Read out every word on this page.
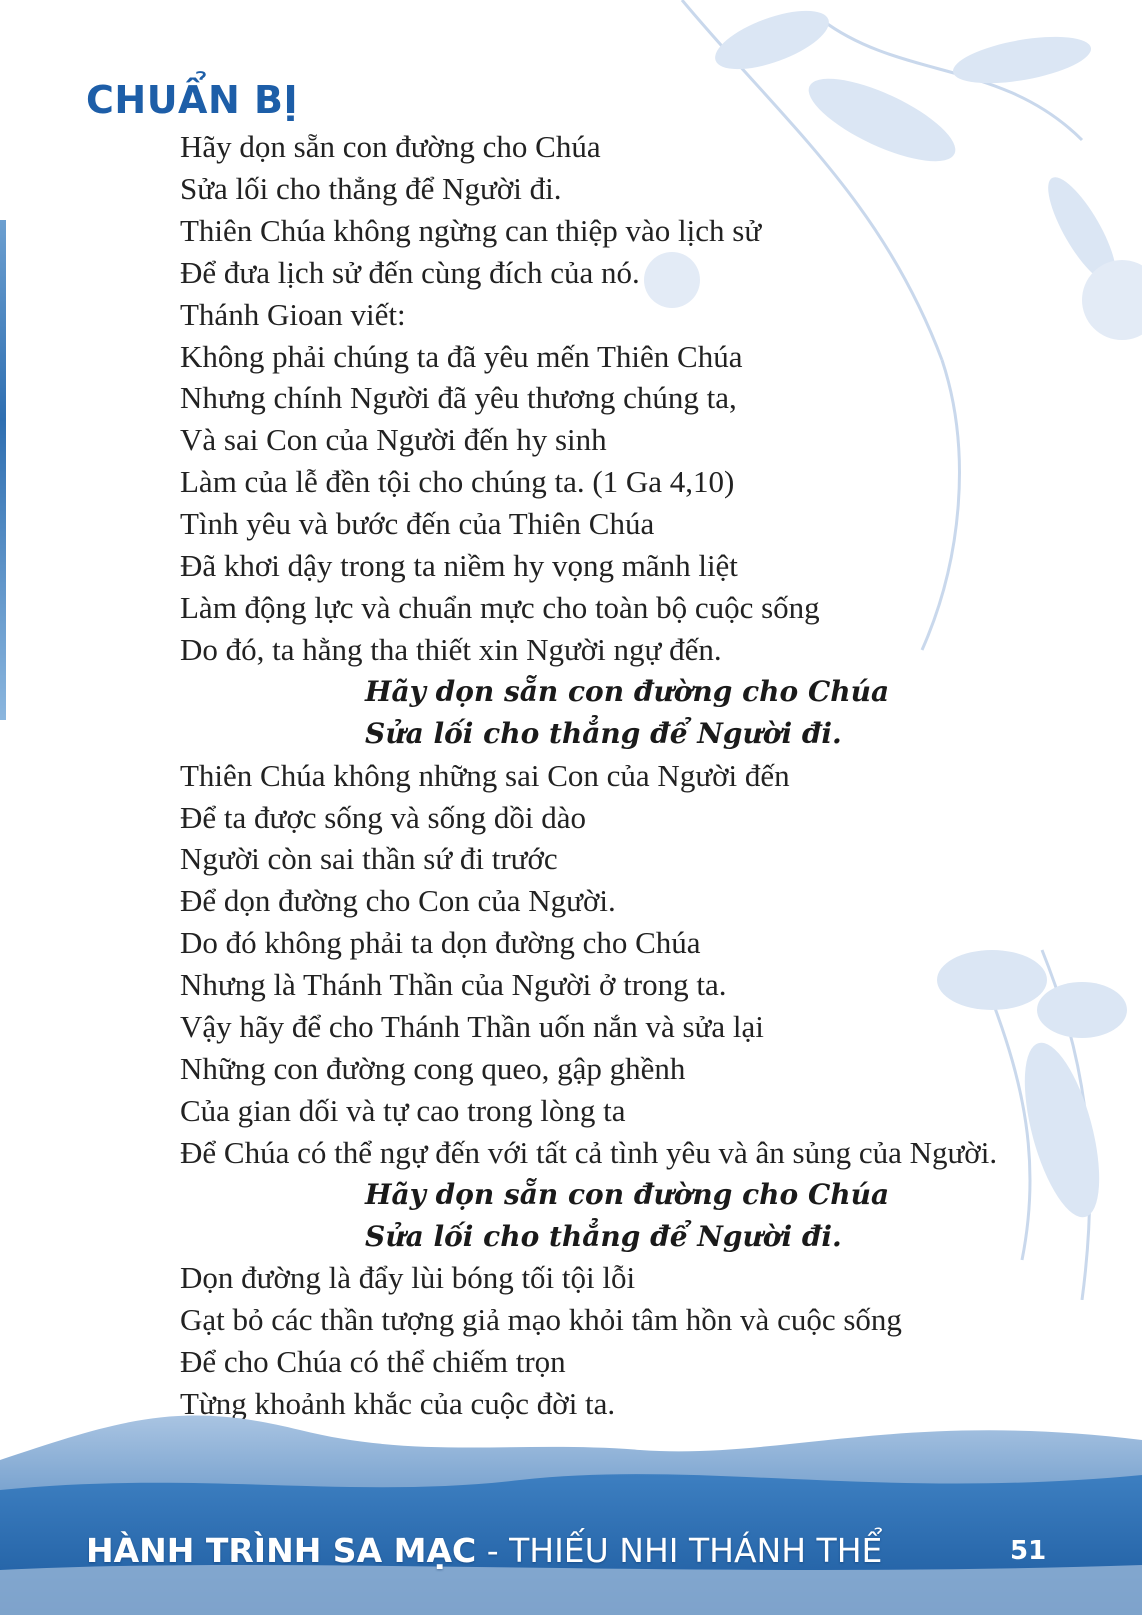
CHUẨN BỊ
Hãy dọn sẵn con đường cho Chúa
Sửa lối cho thẳng để Người đi.
Thiên Chúa không ngừng can thiệp vào lịch sử
Để đưa lịch sử đến cùng đích của nó.
Thánh Gioan viết:
Không phải chúng ta đã yêu mến Thiên Chúa
Nhưng chính Người đã yêu thương chúng ta,
Và sai Con của Người đến hy sinh
Làm của lễ đền tội cho chúng ta. (1 Ga 4,10)
Tình yêu và bước đến của Thiên Chúa
Đã khơi dậy trong ta niềm hy vọng mãnh liệt
Làm động lực và chuẩn mực cho toàn bộ cuộc sống
Do đó, ta hằng tha thiết xin Người ngự đến.
Hãy dọn sẵn con đường cho Chúa
Sửa lối cho thẳng để Người đi.
Thiên Chúa không những sai Con của Người đến
Để ta được sống và sống dồi dào
Người còn sai thần sứ đi trước
Để dọn đường cho Con của Người.
Do đó không phải ta dọn đường cho Chúa
Nhưng là Thánh Thần của Người ở trong ta.
Vậy hãy để cho Thánh Thần uốn nắn và sửa lại
Những con đường cong queo, gập ghềnh
Của gian dối và tự cao trong lòng ta
Để Chúa có thể ngự đến với tất cả tình yêu và ân sủng của Người.
Hãy dọn sẵn con đường cho Chúa
Sửa lối cho thẳng để Người đi.
Dọn đường là đẩy lùi bóng tối tội lỗi
Gạt bỏ các thần tượng giả mạo khỏi tâm hồn và cuộc sống
Để cho Chúa có thể chiếm trọn
Từng khoảnh khắc của cuộc đời ta.
HÀNH TRÌNH SA MẠC - THIẾU NHI THÁNH THỂ	51
